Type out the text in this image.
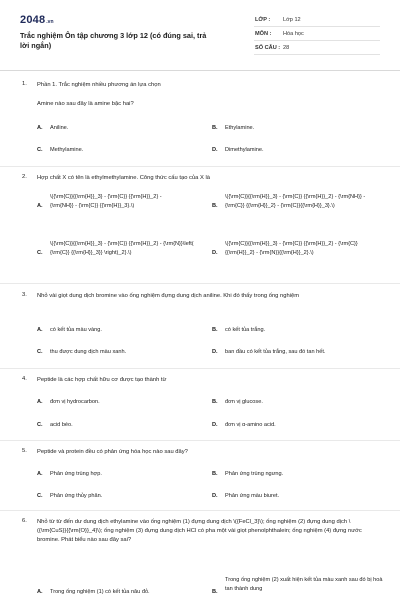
2048.vn
Trắc nghiệm Ôn tập chương 3 lớp 12 (có đúng sai, trả lời ngắn)
LỚP :	Lớp 12
MÔN :	Hóa học
SỐ CÂU : 28
1. Phần 1. Trắc nghiệm nhiều phương án lựa chọn
Amine nào sau đây là amine bậc hai?
A. Aniline.	B. Ethylamine.
C. Methylamine.	D. Dimethylamine.
2. Hợp chất X có tên là ethylmethylamine. Công thức cấu tạo của X là
A.
\({\rm{C}}{{\rm{H}}_3} - {\rm{C}} {{\rm{H}}_2} - {\rm{NH}} - {\rm{C}} {{\rm{H}}_3}.\)	B.
\({\rm{C}}{{\rm{H}}_3} - {\rm{C}} {{\rm{H}}_2} - {\rm{NH}} - {\rm{C}} {{\rm{H}}_2} - {\rm{C}}{{\rm{H}}_3}.\)
C.
\({\rm{C}}{{\rm{H}}_3} - {\rm{C}} {{\rm{H}}_2} - {\rm{N}}\left( {\rm{C}} {{\rm{H}}_3}} \right)_2}.\)	D.
\({\rm{C}}{{\rm{H}}_3} - {\rm{C}} {{\rm{H}}_2} - {\rm{C}}{{\rm{H}}_2} - {\rm{N}}{{\rm{H}}_2}.\)
3. Nhỏ vài giọt dung dịch bromine vào ống nghiệm đựng dung dịch aniline. Khi đó thấy trong ống nghiệm
A. có kết tủa màu vàng.	B. có kết tủa trắng.
C. thu được dung dịch màu xanh.	D. ban đầu có kết tủa trắng, sau đó tan hết.
4. Peptide là các hợp chất hữu cơ được tạo thành từ
A. đơn vị hydrocarbon.	B. đơn vị glucose.
C. acid béo.	D. đơn vị α-amino acid.
5. Peptide và protein đều có phản ứng hóa học nào sau đây?
A. Phản ứng trùng hợp.	B. Phản ứng trùng ngưng.
C. Phản ứng thủy phân.	D. Phản ứng màu biuret.
6. Nhỏ từ từ đến dư dung dịch ethylamine vào ống nghiệm (1) đựng dung dịch \({FeCl_3}\); ống nghiệm (2) đựng dung dịch \({\rm{CuS}}{{\rm{O}}_4}\); ống nghiệm (3) đựng dung dịch HCl có pha một vài giọt phenolphthalein; ống nghiệm (4) đựng nước bromine. Phát biểu nào sau đây sai?
A. Trong ống nghiệm (1) có kết tủa nâu đỏ.	B.
Trong ống nghiệm (2) xuất hiện kết tủa màu xanh sau đó bị hoà tan thành dung
